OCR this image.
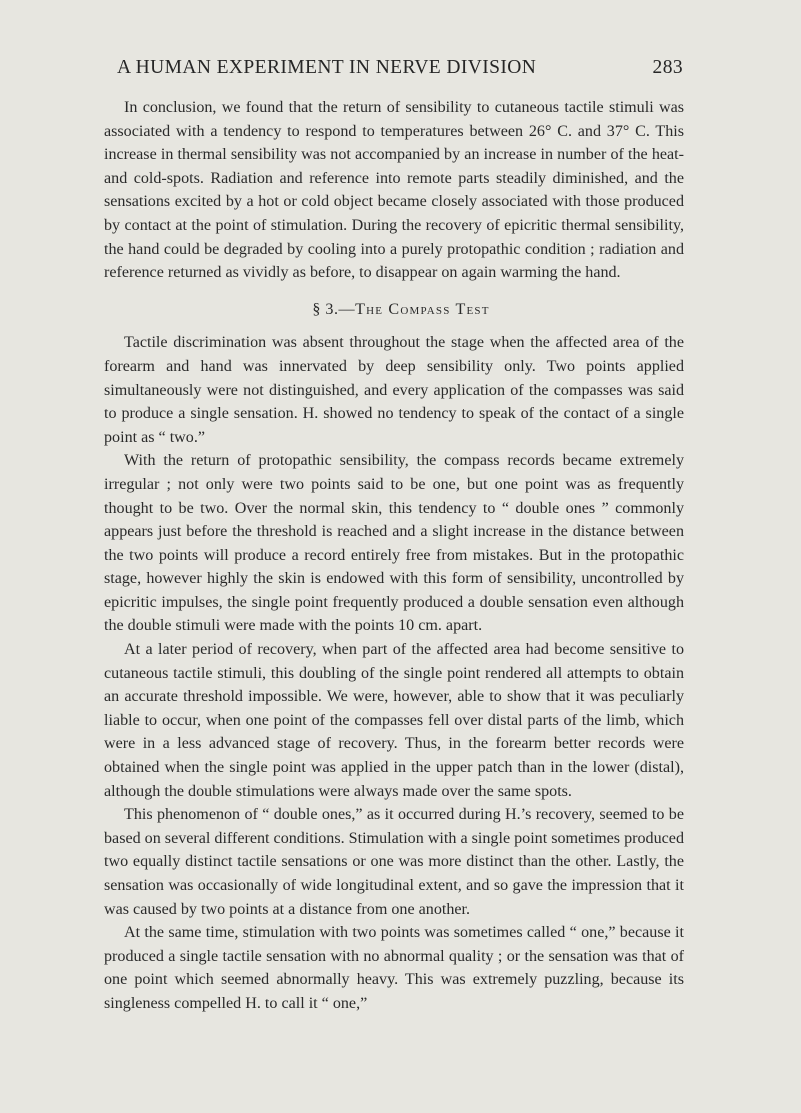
A HUMAN EXPERIMENT IN NERVE DIVISION	283

In conclusion, we found that the return of sensibility to cutaneous tactile stimuli was associated with a tendency to respond to temperatures between 26° C. and 37° C. This increase in thermal sensibility was not accompanied by an increase in number of the heat- and cold-spots. Radiation and reference into remote parts steadily diminished, and the sensations excited by a hot or cold object became closely associated with those produced by contact at the point of stimulation. During the recovery of epicritic thermal sensibility, the hand could be degraded by cooling into a purely protopathic condition ; radiation and reference returned as vividly as before, to disappear on again warming the hand.

§ 3.—The Compass Test

Tactile discrimination was absent throughout the stage when the affected area of the forearm and hand was innervated by deep sensibility only. Two points applied simultaneously were not distinguished, and every application of the compasses was said to produce a single sensation. H. showed no tendency to speak of the contact of a single point as “ two.”

With the return of protopathic sensibility, the compass records became extremely irregular ; not only were two points said to be one, but one point was as frequently thought to be two. Over the normal skin, this tendency to “ double ones ” commonly appears just before the threshold is reached and a slight increase in the distance between the two points will produce a record entirely free from mistakes. But in the protopathic stage, however highly the skin is endowed with this form of sensibility, uncontrolled by epicritic impulses, the single point frequently produced a double sensation even although the double stimuli were made with the points 10 cm. apart.

At a later period of recovery, when part of the affected area had become sensitive to cutaneous tactile stimuli, this doubling of the single point rendered all attempts to obtain an accurate threshold impossible. We were, however, able to show that it was peculiarly liable to occur, when one point of the compasses fell over distal parts of the limb, which were in a less advanced stage of recovery. Thus, in the forearm better records were obtained when the single point was applied in the upper patch than in the lower (distal), although the double stimulations were always made over the same spots.

This phenomenon of “ double ones,” as it occurred during H.’s recovery, seemed to be based on several different conditions. Stimulation with a single point sometimes produced two equally distinct tactile sensations or one was more distinct than the other. Lastly, the sensation was occasionally of wide longitudinal extent, and so gave the impression that it was caused by two points at a distance from one another.

At the same time, stimulation with two points was sometimes called “ one,” because it produced a single tactile sensation with no abnormal quality ; or the sensation was that of one point which seemed abnormally heavy. This was extremely puzzling, because its singleness compelled H. to call it “ one,”
